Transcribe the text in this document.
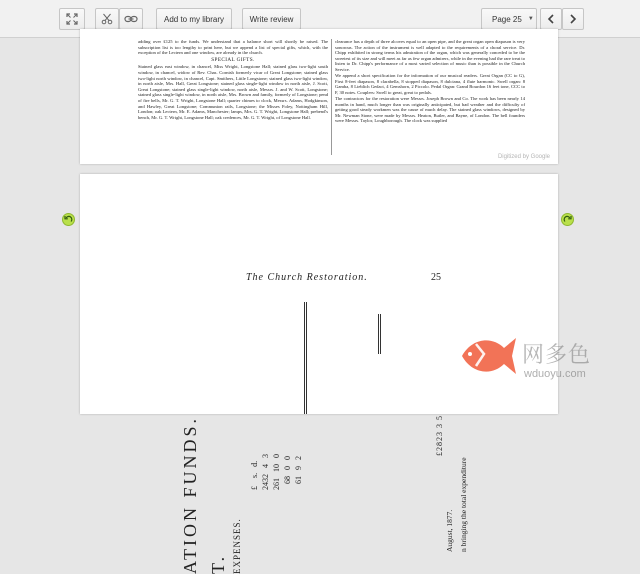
Add to my library	Write review	Page 25 ▼

adding over £125 to the funds. We understand that a balance short will shortly be raised. The subscription list is too lengthy to print here, but we append a list of special gifts, which, with the exception of the Lectern and one window, are already in the church.

SPECIAL GIFTS.

Stained glass east window, in chancel, Miss Wright, Longstone Hall; stained glass two-light south window, in chancel, widow of Rev. Chas. Cornish formerly vicar of Great Longstone; stained glass two-light north window, in chancel, Capt. Smithers, Little Longstone; stained glass two-light window, in north aisle, Mrs. Hall, Great Longstone; stained glass single-light window in north aisle, J. Scott, Great Longstone; stained glass single-light window, north aisle, Messrs. J. and W. Scott, Longstone; stained glass single-light window, in north aisle, Mrs. Brown and family, formerly of Longstone; pend of fire bells, Mr. G. T. Wright, Longstone Hall; quarter chimes to clock, Messrs. Adams, Hodgkinson, and Hawley, Great Longstone; Communion rails, Longstone; the Misses Foley, Nottingham Hill, London; oak Lectern, Mr. E. Adams, Manchester; lamps, Mrs. G. T. Wright, Longstone Hall; prebend's bench, Mr. G. T. Wright, Longstone Hall; oak credences, Mr. G. T. Wright, of Longstone Hall.

clearance has a depth of three alcoves equal to an open pipe, and the great organ open diapason is very sonorous. The action of the instrument is well adapted to the requirements of a choral service. Dr. Chipp exhibited in strong terms his admiration of the organ, which was generally conceded to be the sweetest of its size and will meet as far as few organ admirers, while in the evening had the rare treat to listen to Dr. Chipp's performance of a most varied selection of music than is possible in the Church Service.

We append a short specification for the information of our musical readers. Great Organ (CC to G), First 8-feet diapason, 8 clarabella, 8 stopped diapason, 8 dulciana, 4 flute harmonic. Swell organ: 8 Gamba, 8 Lieblich Gedact, 4 Gemshorn, 2 Piccolo. Pedal Organ: Grand Bourdon 16 feet tone, CCC to F, 30 notes. Couplers: Swell to great, great to pedals.

The contractors for the restoration were Messrs. Joseph Brown and Co. The work has been nearly 14 months in hand, much longer than was originally anticipated, but bad weather and the difficulty of getting good steady workmen was the cause of much delay. The stained glass windows, designed by Mr. Newman Stone, were made by Messrs. Heaton, Butler, and Bayne, of London. The bell founders were Messrs. Taylor, Loughborough. The clock was supplied

Digitized by Google
The Church Restoration.	25
ATION FUNDS. T. EXPENSES.
£    s.   d.
2432   4   3
261   10   0
68   0   0
61   9   2
£2823 3 5
August, 1877. n bringing the total expenditure
网多色
wduoyu.com
